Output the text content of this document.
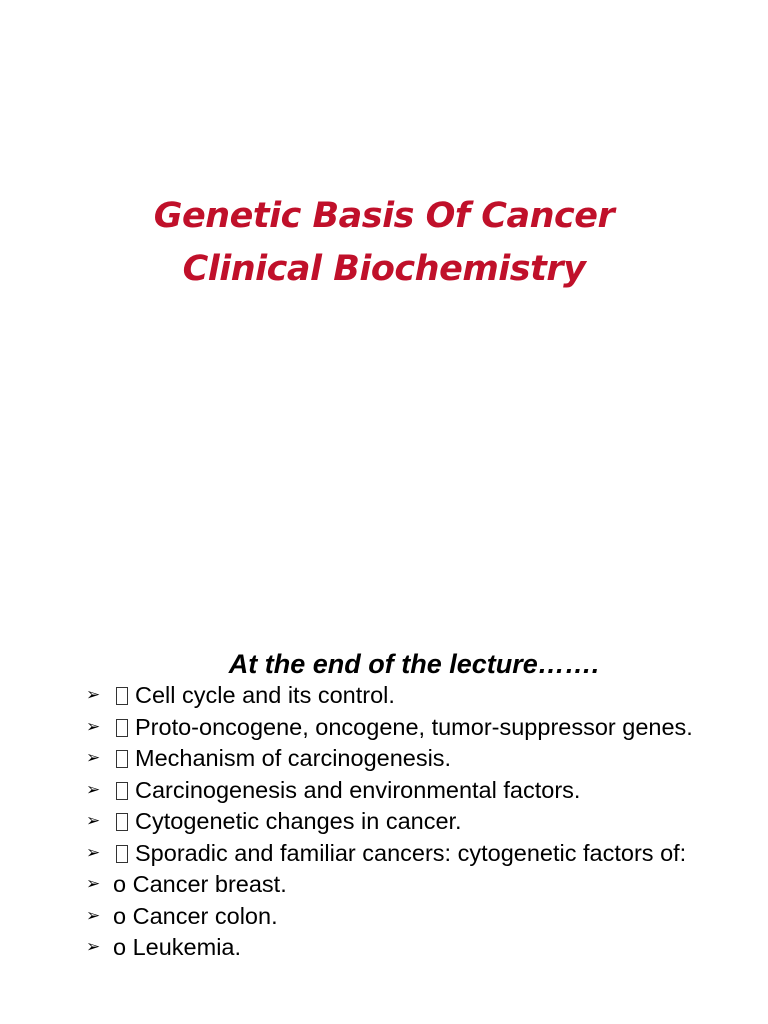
Genetic Basis Of Cancer
Clinical Biochemistry
At the end of the lecture…….
➢	Cell cycle and its control.
➢	Proto-oncogene, oncogene, tumor-suppressor genes.
➢	Mechanism of carcinogenesis.
➢	Carcinogenesis and environmental factors.
➢	Cytogenetic changes in cancer.
➢	Sporadic and familiar cancers: cytogenetic factors of:
➢ o Cancer breast.
➢ o Cancer colon.
➢ o Leukemia.
